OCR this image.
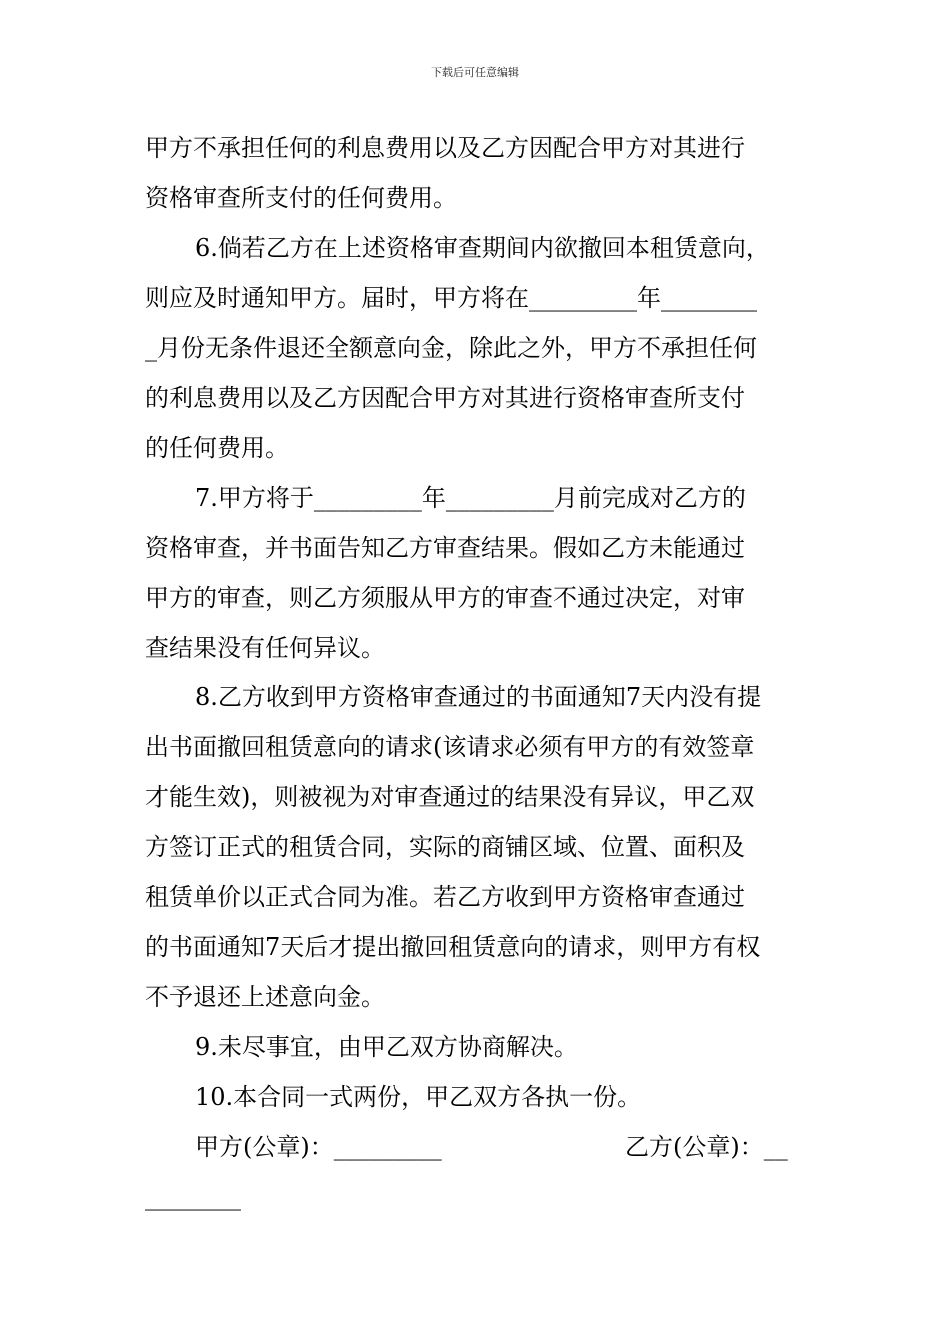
下载后可任意编辑
甲方不承担任何的利息费用以及乙方因配合甲方对其进行
资格审查所支付的任何费用。
6.倘若乙方在上述资格审查期间内欲撤回本租赁意向，
则应及时通知甲方。届时，甲方将在_________年________
_月份无条件退还全额意向金，除此之外，甲方不承担任何
的利息费用以及乙方因配合甲方对其进行资格审查所支付
的任何费用。
7.甲方将于_________年_________月前完成对乙方的
资格审查，并书面告知乙方审查结果。假如乙方未能通过
甲方的审查，则乙方须服从甲方的审查不通过决定，对审
查结果没有任何异议。
8.乙方收到甲方资格审查通过的书面通知7天内没有提
出书面撤回租赁意向的请求(该请求必须有甲方的有效签章
才能生效)，则被视为对审查通过的结果没有异议，甲乙双
方签订正式的租赁合同，实际的商铺区域、位置、面积及
租赁单价以正式合同为准。若乙方收到甲方资格审查通过
的书面通知7天后才提出撤回租赁意向的请求，则甲方有权
不予退还上述意向金。
9.未尽事宜，由甲乙双方协商解决。
10.本合同一式两份，甲乙双方各执一份。
甲方(公章)：_________	乙方(公章)：__
________
